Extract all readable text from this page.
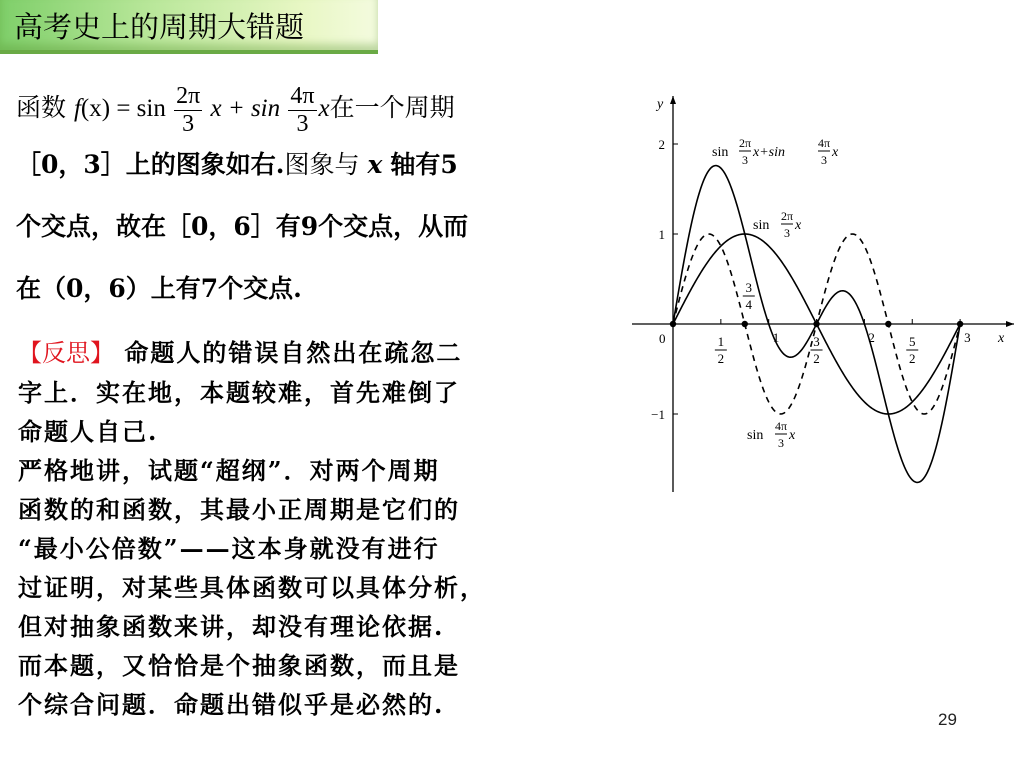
高考史上的周期大错题
函数 $f(x) = \sin \frac{2\pi}{3}$ $x + \sin \frac{4\pi}{3}$ x在一个周期
［0，3］上的图象如右.图象与 x 轴有5
个交点，故在［0，6］有9个交点，从而
在（0，6）上有7个交点.
【反思】 命题人的错误自然出在疏忽二
字上．实在地，本题较难，首先难倒了
命题人自己.
严格地讲，试题“超纲”．对两个周期
函数的和函数，其最小正周期是它们的
“最小公倍数”——这本身就没有进行
过证明，对某些具体函数可以具体分析，
但对抽象函数来讲，却没有理论依据.
而本题，又恰恰是个抽象函数，而且是
个综合问题．命题出错似乎是必然的.
y
x
0
2
1
−1
1
2
1	3
2
2	5
2
3
3
4
sin
2π
3 x+sin
4π
3 x
sin
2π
3 x
sin
4π
3 x
29
